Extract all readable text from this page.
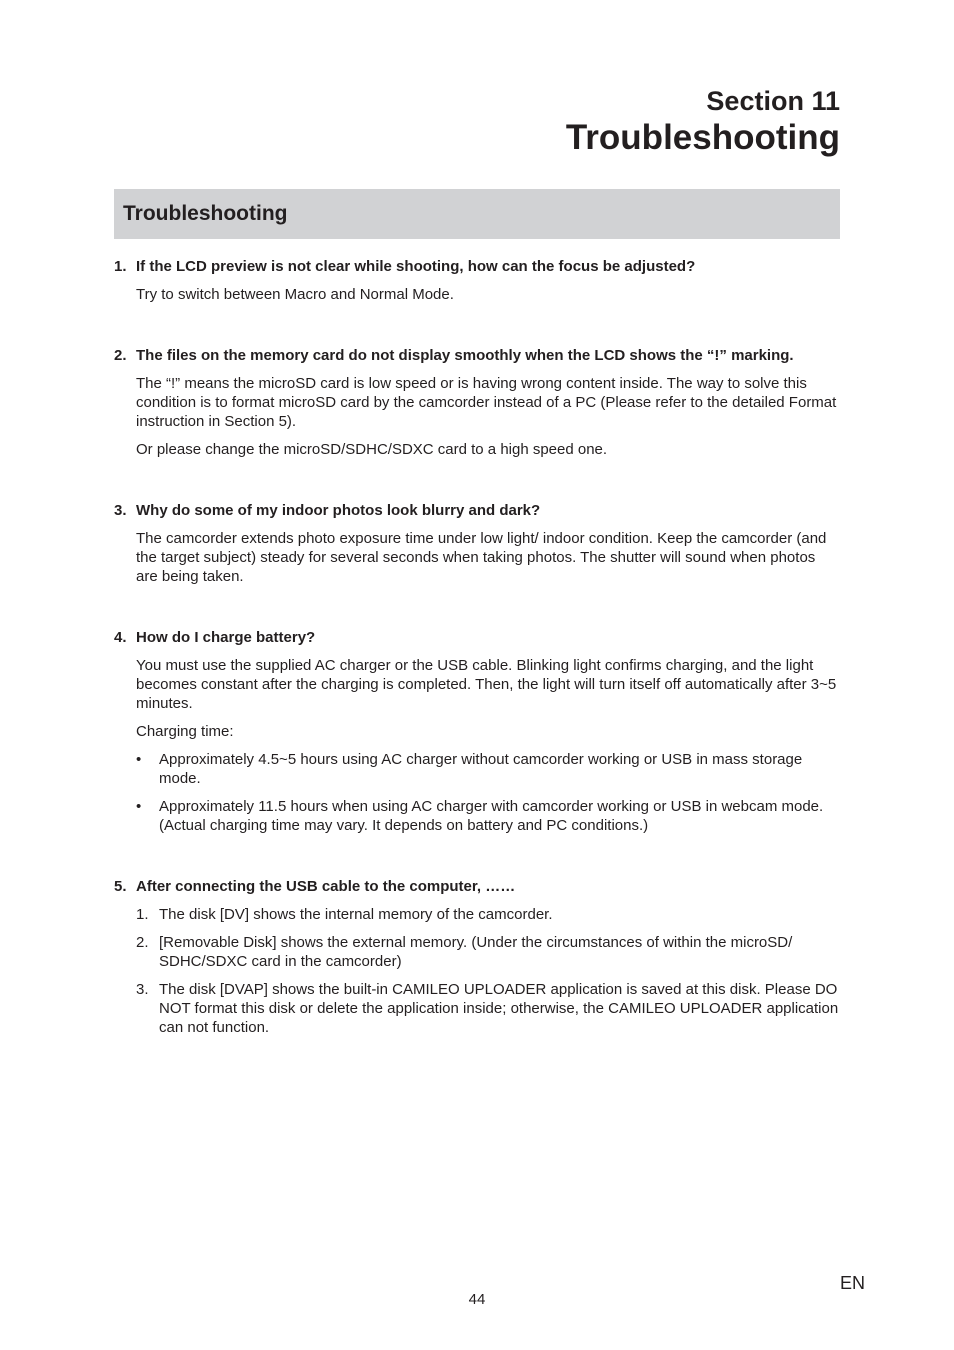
Section 11
Troubleshooting
Troubleshooting
1. If the LCD preview is not clear while shooting, how can the focus be adjusted?
Try to switch between Macro and Normal Mode.
2. The files on the memory card do not display smoothly when the LCD shows the “!” marking.
The “!” means the microSD card is low speed or is having wrong content inside. The way to solve this condition is to format microSD card by the camcorder instead of a PC (Please refer to the detailed Format instruction in Section 5).
Or please change the microSD/SDHC/SDXC card to a high speed one.
3. Why do some of my indoor photos look blurry and dark?
The camcorder extends photo exposure time under low light/ indoor condition. Keep the camcorder (and the target subject) steady for several seconds when taking photos. The shutter will sound when photos are being taken.
4. How do I charge battery?
You must use the supplied AC charger or the USB cable. Blinking light confirms charging, and the light becomes constant after the charging is completed. Then, the light will turn itself off automatically after 3~5 minutes.
Charging time:
• Approximately 4.5~5 hours using AC charger without camcorder working or USB in mass storage mode.
• Approximately 11.5 hours when using AC charger with camcorder working or USB in webcam mode.
(Actual charging time may vary. It depends on battery and PC conditions.)
5. After connecting the USB cable to the computer, ……
1. The disk [DV] shows the internal memory of the camcorder.
2. [Removable Disk] shows the external memory. (Under the circumstances of within the microSD/ SDHC/SDXC card in the camcorder)
3. The disk [DVAP] shows the built-in CAMILEO UPLOADER application is saved at this disk. Please DO NOT format this disk or delete the application inside; otherwise, the CAMILEO UPLOADER application can not function.
EN
44
